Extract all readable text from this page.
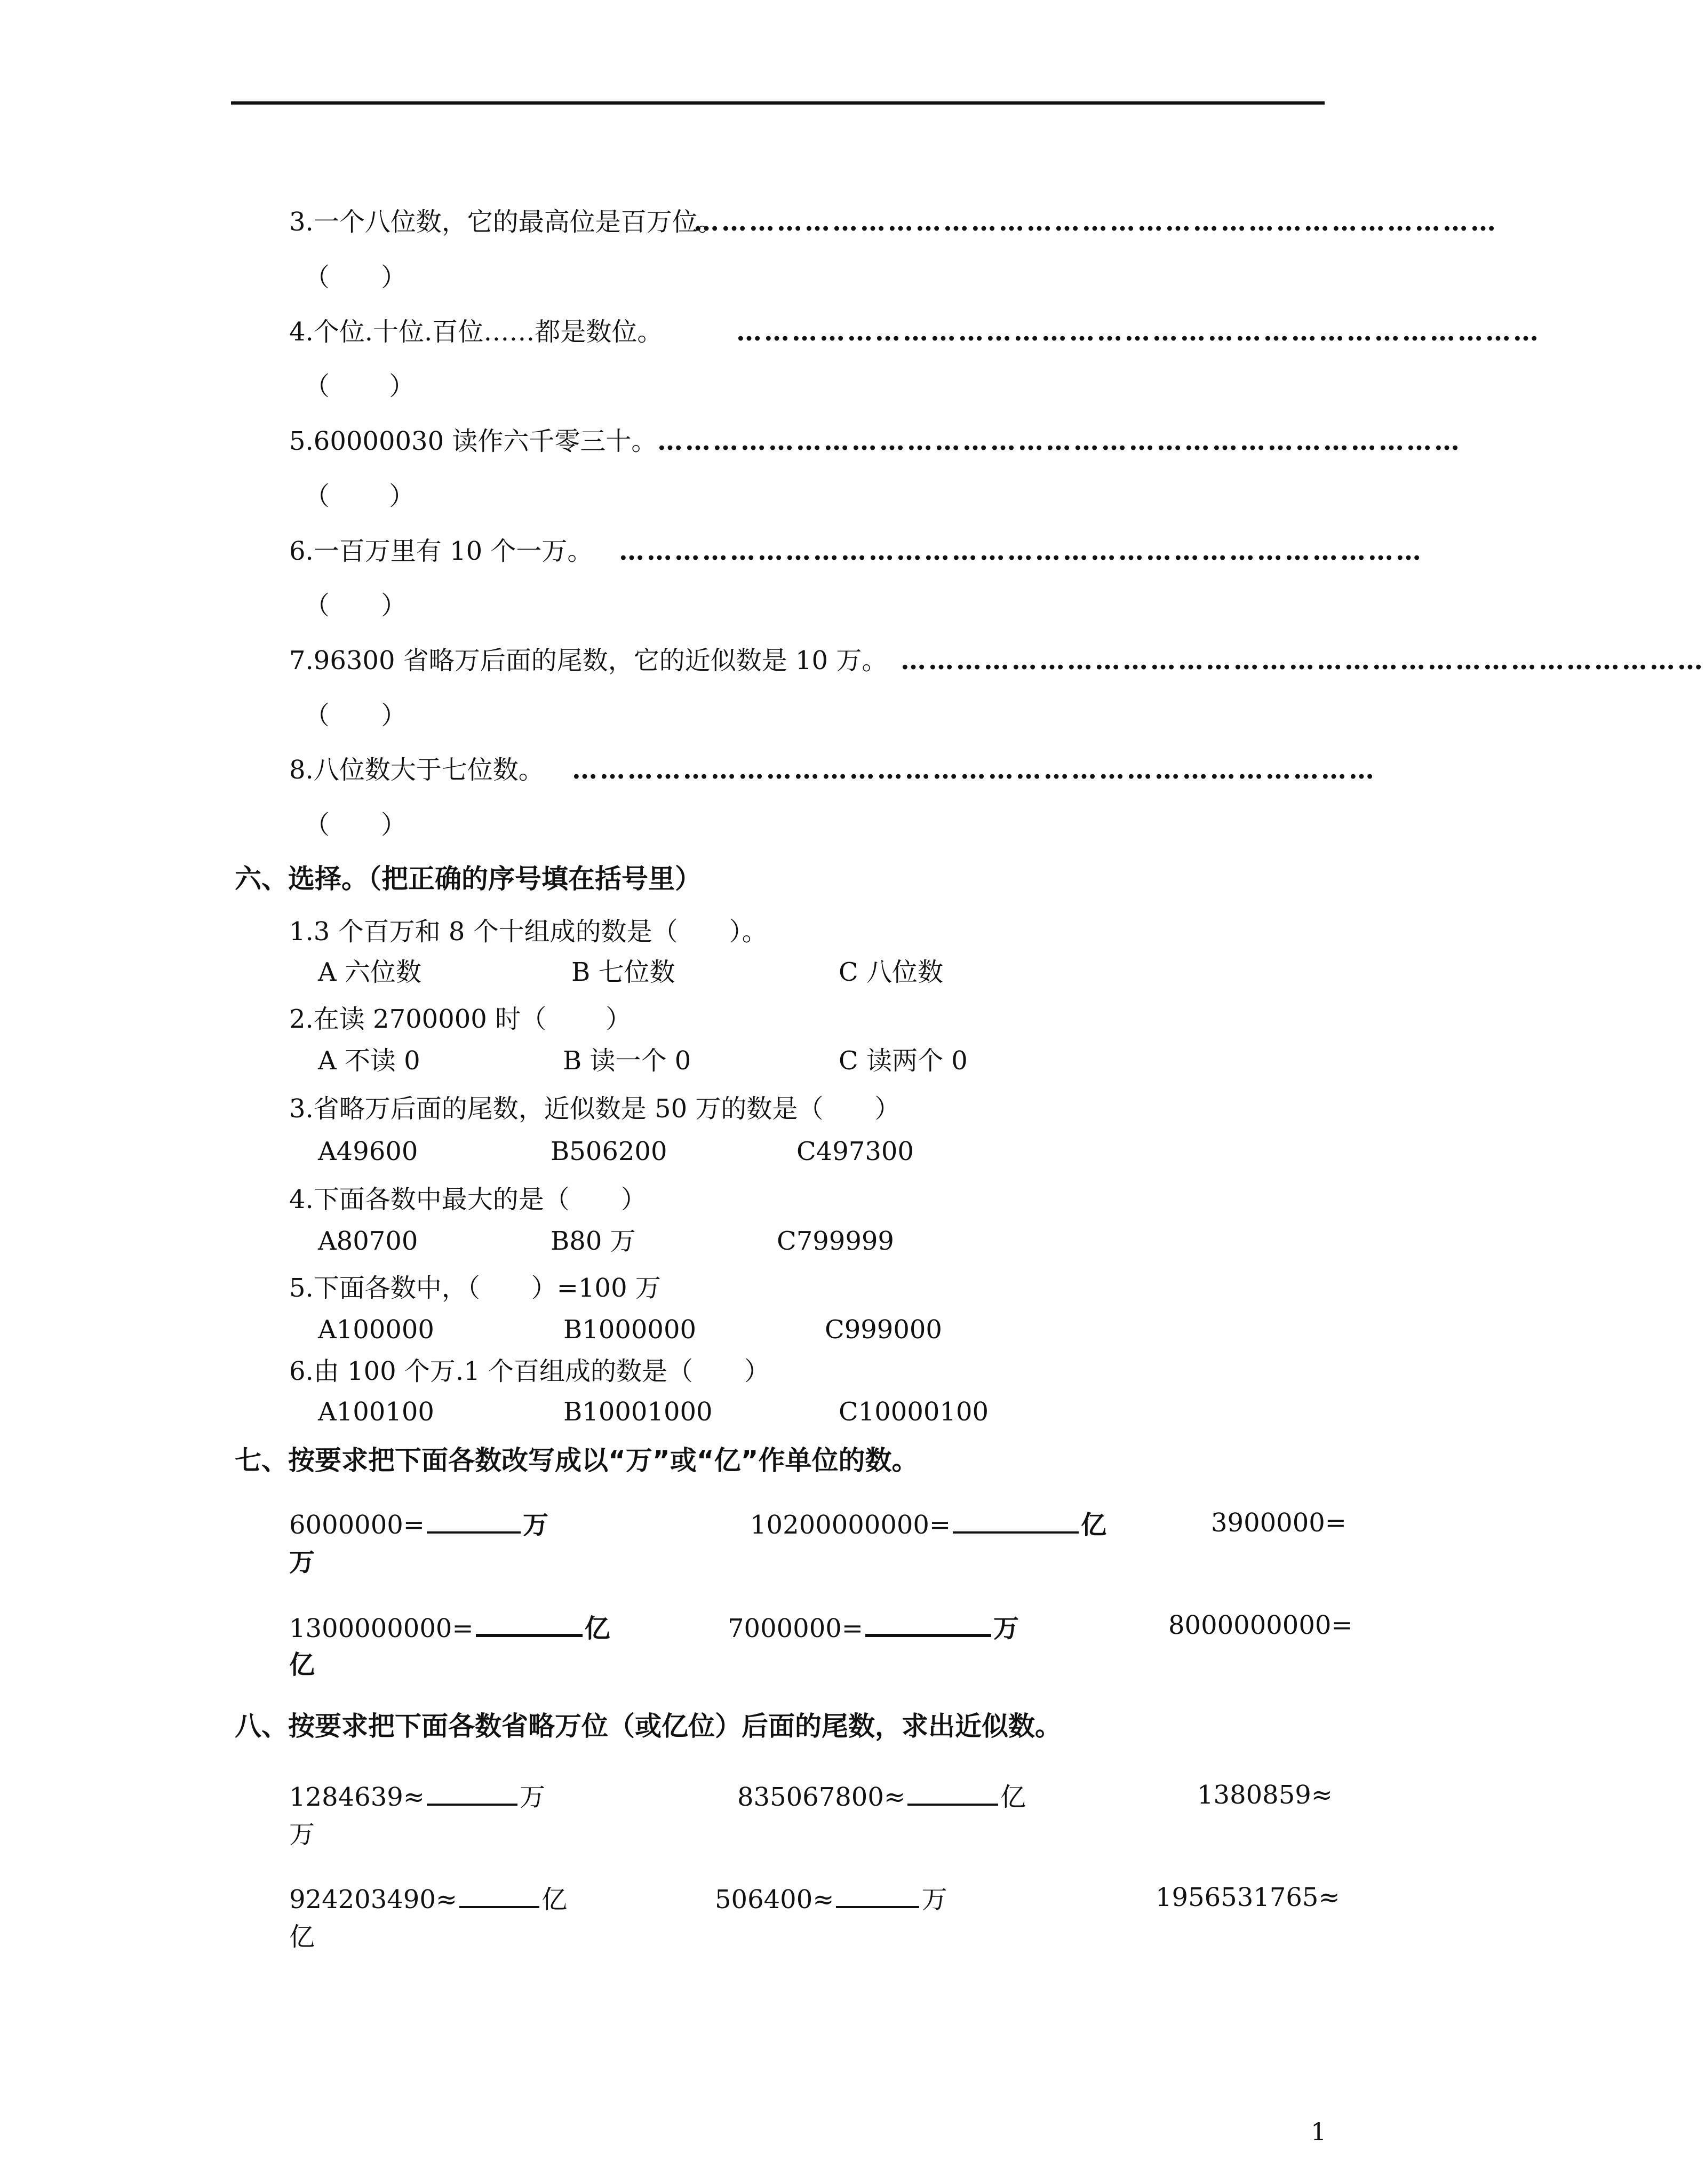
3.一个八位数，它的最高位是百万位。
……………………………………………………………………………
（　　）
4.个位.十位.百位……都是数位。	……………………………………………………………………………
（　　 ）
5.60000030 读作六千零三十。 ……………………………………………………………………………
（　　 ）
6.一百万里有 10 个一万。 ……………………………………………………………………………
（　　）
7.96300 省略万后面的尾数，它的近似数是 10 万。 ……………………………………………………………………………
（　　）
8.八位数大于七位数。 ……………………………………………………………………………
（　　）
六、选择。（把正确的序号填在括号里）
1.3 个百万和 8 个十组成的数是（　　）。
A 六位数	B 七位数	C 八位数
2.在读 2700000 时（　　 ）
A 不读 0	B 读一个 0	C 读两个 0
3.省略万后面的尾数，近似数是 50 万的数是（　　）
A49600	B506200	C497300
4.下面各数中最大的是（　　）
A80700	B80 万	C799999
5.下面各数中，（　　）=100 万
A100000	B1000000	C999000
6.由 100 个万.1 个百组成的数是（　　）
A100100	B10001000	C10000100
七、按要求把下面各数改写成以“万”或“亿”作单位的数。
6000000=	万	10200000000=	亿	3900000=
万
1300000000=	亿	7000000=	万	8000000000=
亿
八、按要求把下面各数省略万位（或亿位）后面的尾数，求出近似数。
1284639≈	万	835067800≈	亿	1380859≈
万
924203490≈	亿	506400≈	万	1956531765≈
亿
1
